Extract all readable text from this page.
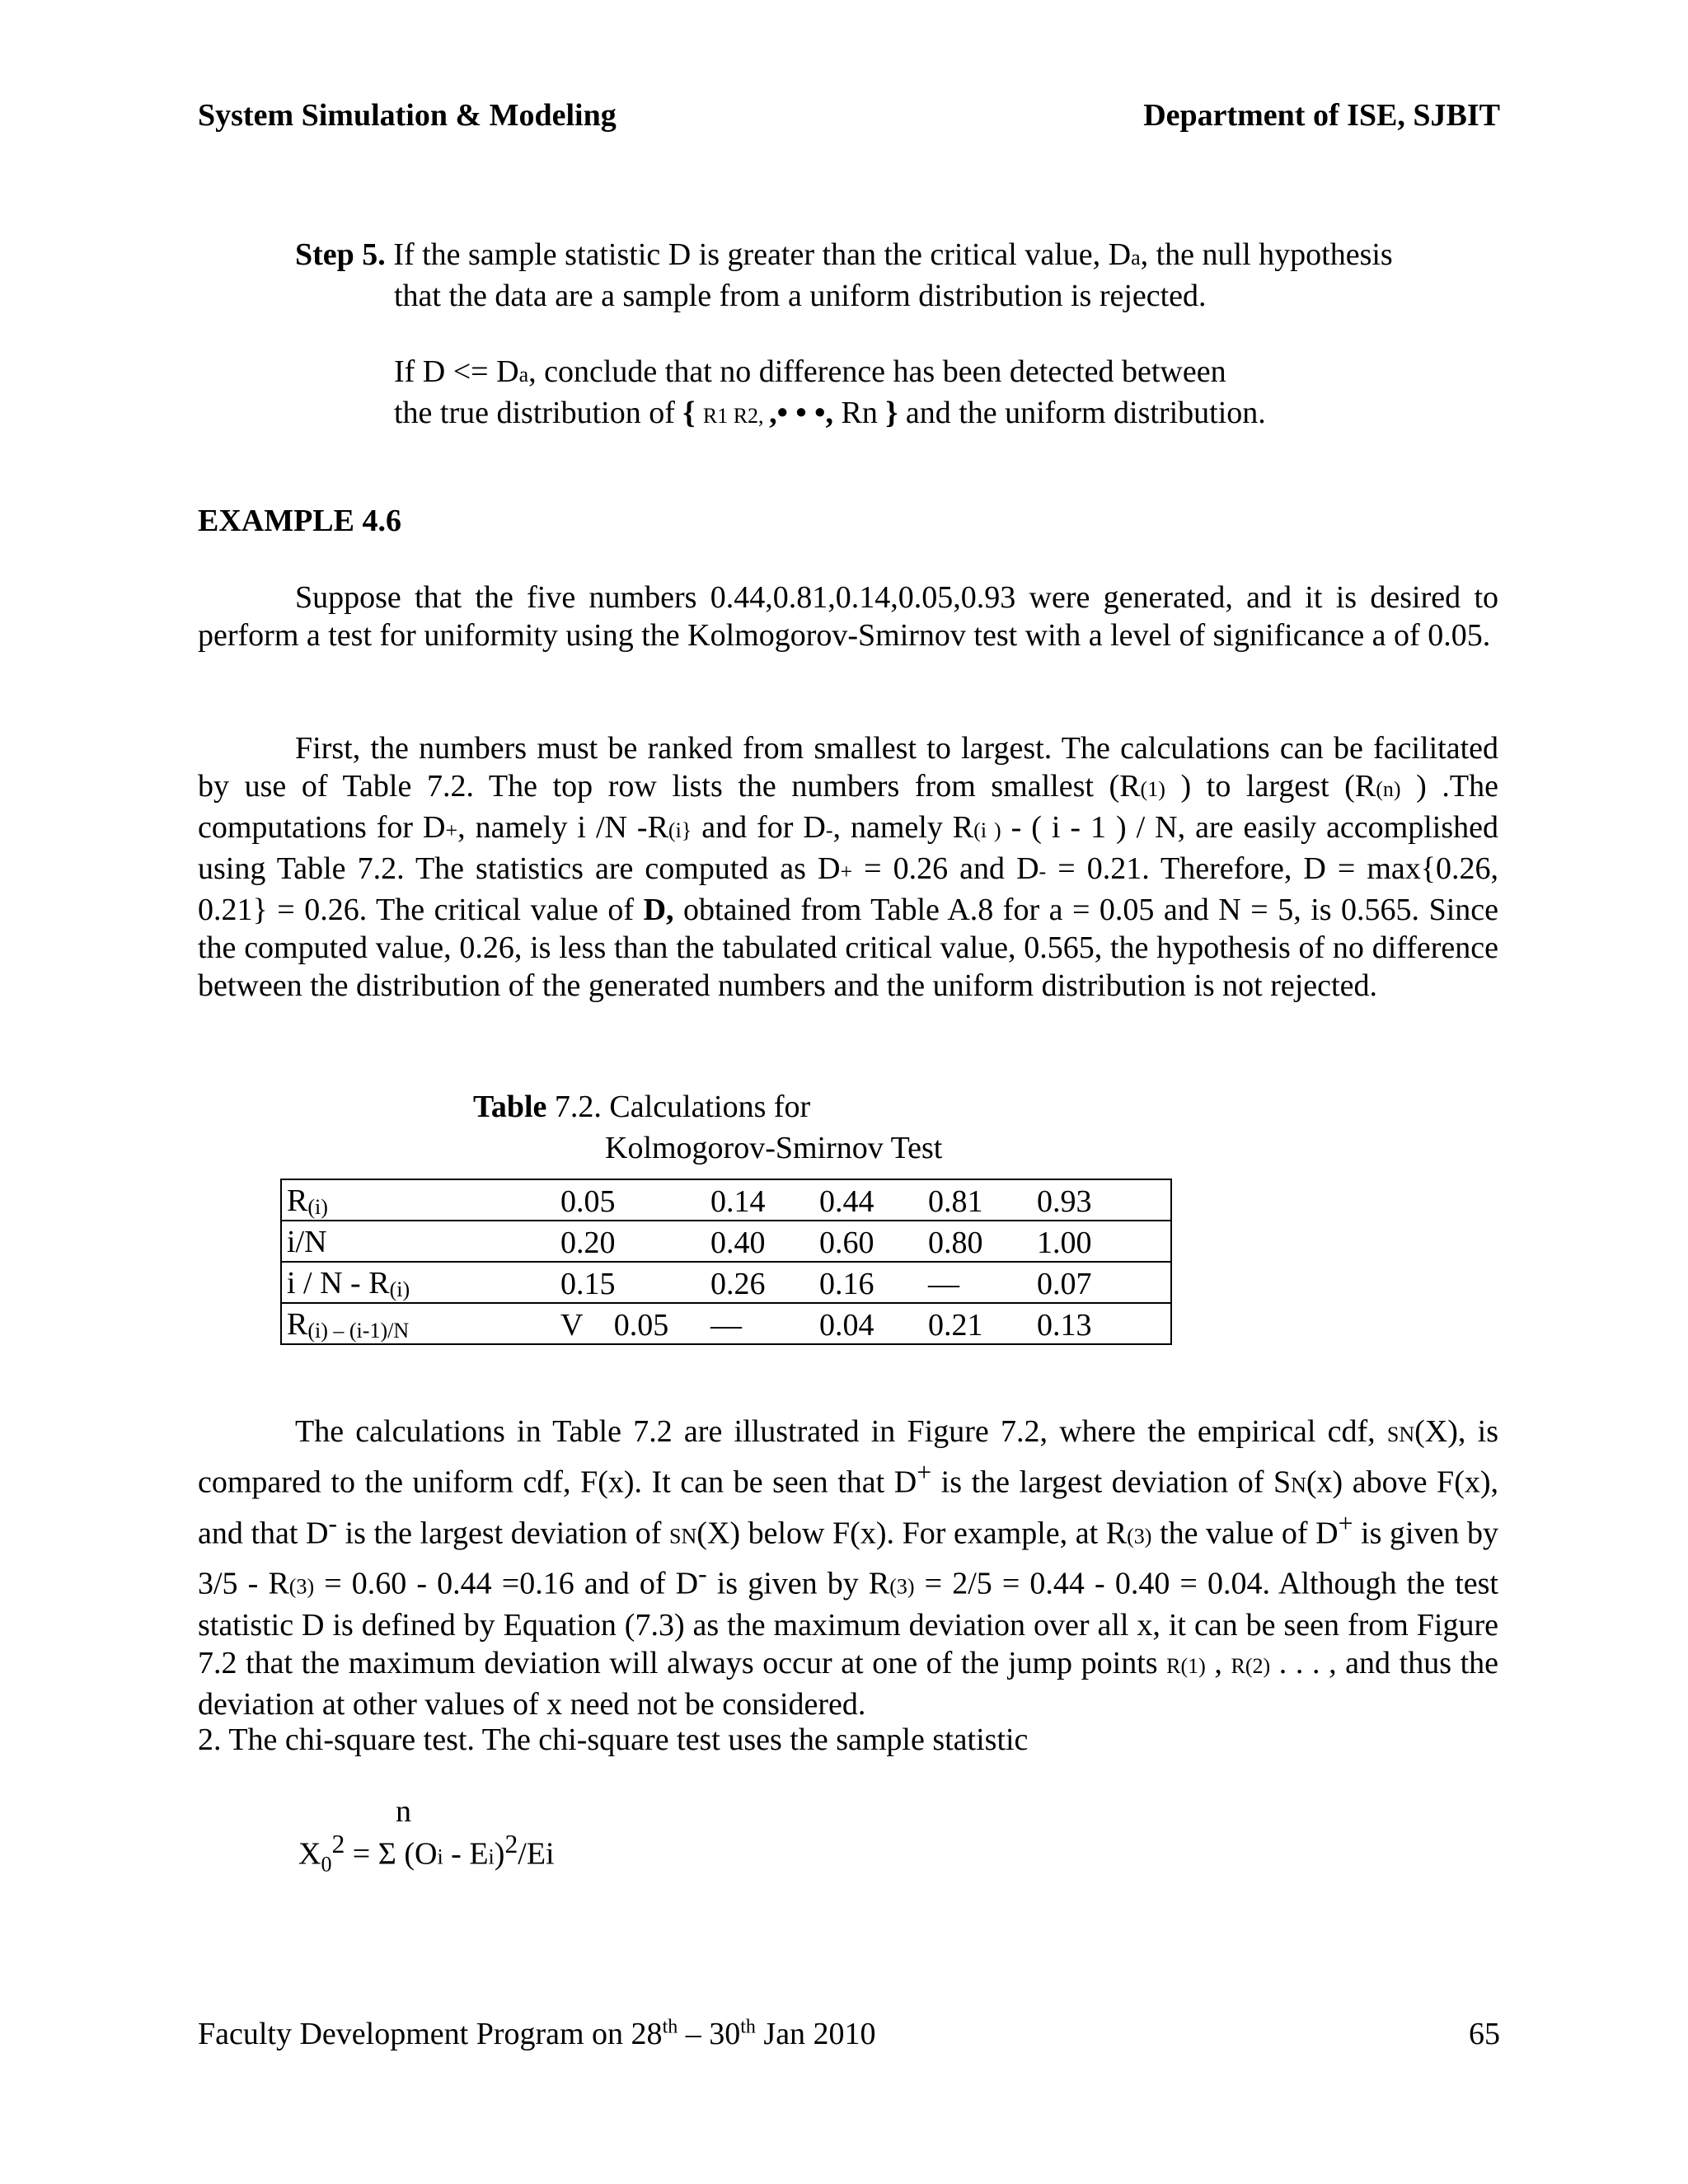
System Simulation & Modeling	Department of ISE, SJBIT

Step 5. If the sample statistic D is greater than the critical value, Da, the null hypothesis

that the data are a sample from a uniform distribution is rejected.

If D <= Da, conclude that no difference has been detected between

the true distribution of { R1 R2, ,• • •, Rn } and the uniform distribution.

EXAMPLE 4.6

Suppose that the five numbers 0.44,0.81,0.14,0.05,0.93 were generated, and it is desired to perform a test for uniformity using the Kolmogorov-Smirnov test with a level of significance a of 0.05.

First, the numbers must be ranked from smallest to largest. The calculations can be facilitated by use of Table 7.2. The top row lists the numbers from smallest (R(1) ) to largest (R(n) ) .The computations for D+, namely i /N -R(i} and for D-, namely R(i ) - ( i - 1 ) / N, are easily accomplished using Table 7.2. The statistics are computed as D+ = 0.26 and D- = 0.21. Therefore, D = max{0.26, 0.21} = 0.26. The critical value of D, obtained from Table A.8 for a = 0.05 and N = 5, is 0.565. Since the computed value, 0.26, is less than the tabulated critical value, 0.565, the hypothesis of no difference between the distribution of the generated numbers and the uniform distribution is not rejected.

Table 7.2. Calculations for
Kolmogorov-Smirnov Test
R(i)	0.05	0.14	0.44	0.81	0.93
i/N	0.20	0.40	0.60	0.80	1.00
i / N - R(i)	0.15	0.26	0.16	—	0.07
R(i) – (i-1)/N	V    0.05	—	0.04	0.21	0.13

The calculations in Table 7.2 are illustrated in Figure 7.2, where the empirical cdf, SN(X), is compared to the uniform cdf, F(x). It can be seen that D+ is the largest deviation of SN(x) above F(x), and that D- is the largest deviation of SN(X) below F(x). For example, at R(3) the value of D+ is given by 3/5 - R(3) = 0.60 - 0.44 =0.16 and of D- is given by R(3) = 2/5 = 0.44 - 0.40 = 0.04. Although the test statistic D is defined by Equation (7.3) as the maximum deviation over all x, it can be seen from Figure 7.2 that the maximum deviation will always occur at one of the jump points R(1) , R(2) . . . , and thus the deviation at other values of x need not be considered.

2. The chi-square test. The chi-square test uses the sample statistic
n
$X_0^2 = \Sigma$ (Oi - Ei)$^2$/Ei
Faculty Development Program on 28th – 30th Jan 2010	65
